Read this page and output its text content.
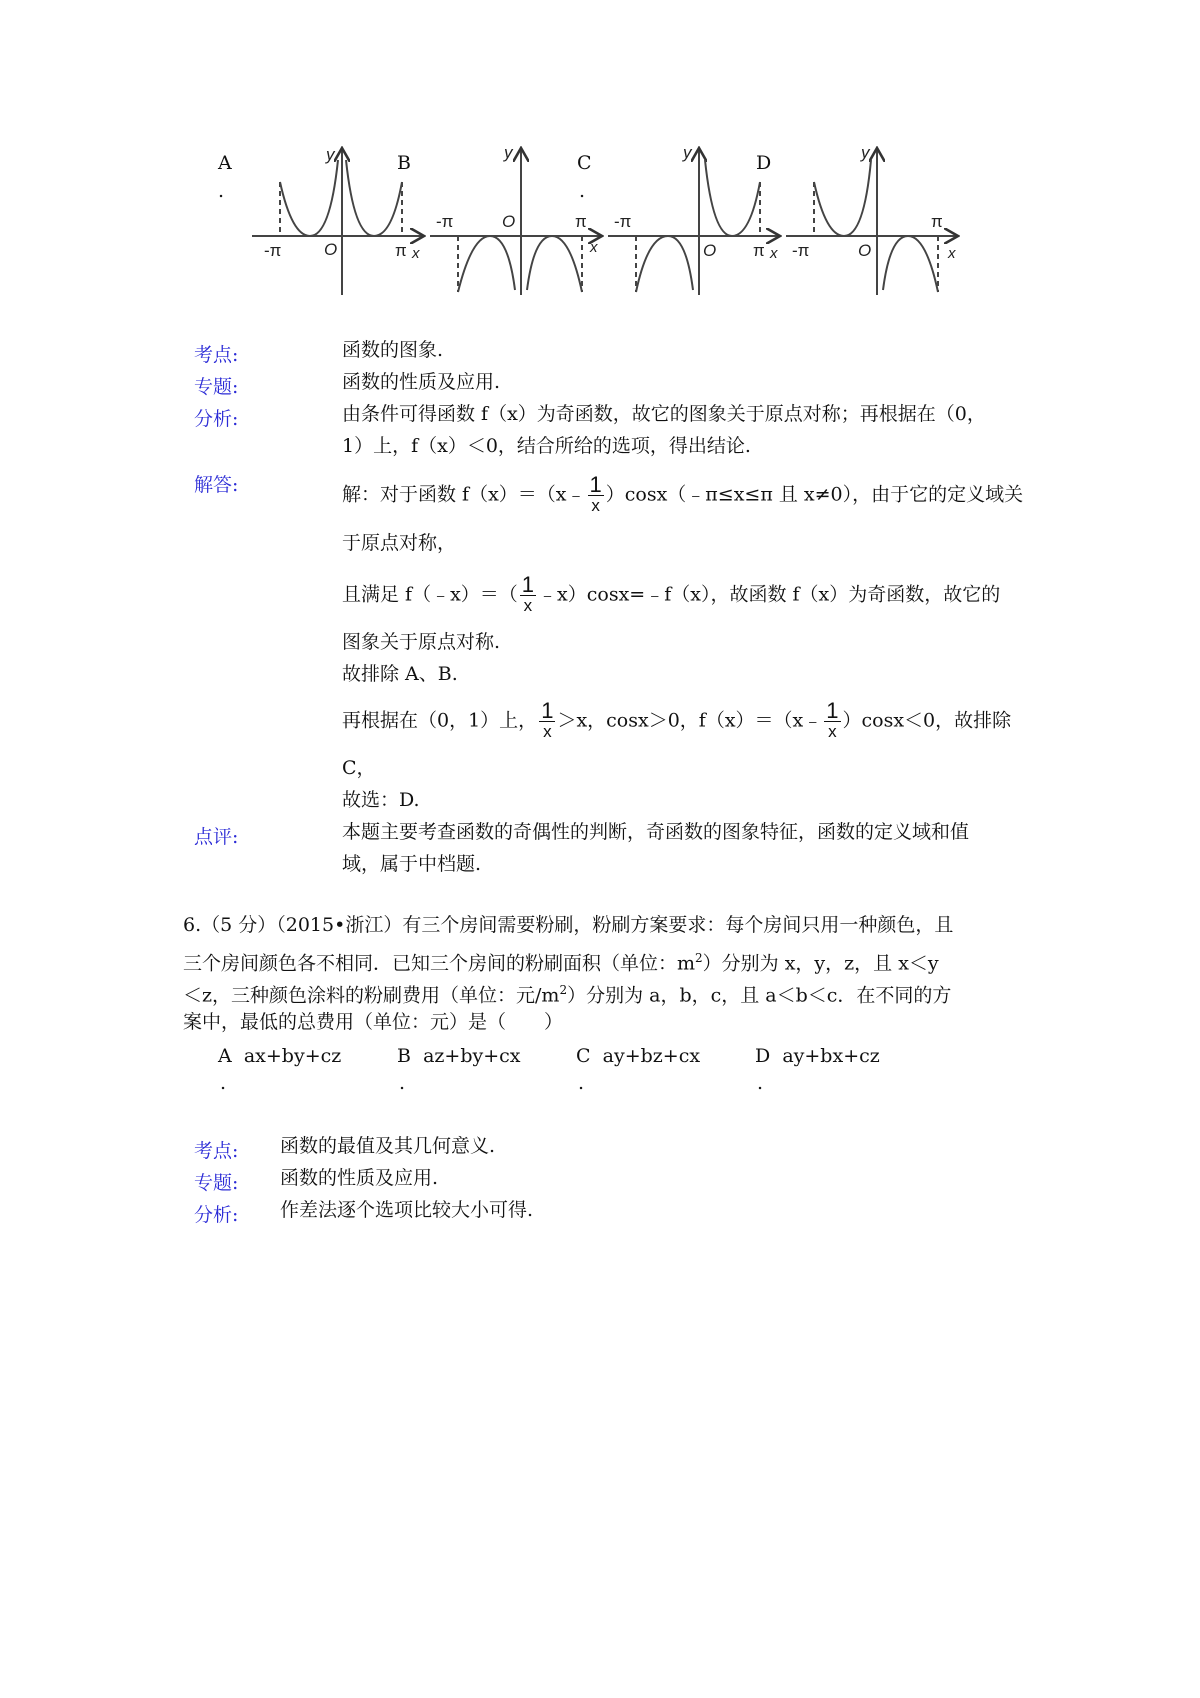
A
.
B	C
.
D
-π	π
O	x
y
-π	π
O
x
y
-π
π
O	x
y
-π
π
O	x
y
考点:	函数的图象.
专题:	函数的性质及应用.
分析:	由条件可得函数 f（x）为奇函数，故它的图象关于原点对称；再根据在（0，
1）上，f（x）＜0，结合所给的选项，得出结论.
解答:	解：对于函数 f（x）＝（x﹣ $\frac{1}{x}$ ）cosx（﹣π≤x≤π 且 x≠0），由于它的定义域关
于原点对称，
且满足 f（﹣x）＝（ $\frac{1}{x}$ ﹣x）cosx=﹣f（x），故函数 f（x）为奇函数，故它的
图象关于原点对称.
故排除 A、B.
再根据在（0，1）上， $\frac{1}{x} >x$，cosx＞0，f（x）＝（x﹣ $\frac{1}{x} )\cos x<0$，故排除
C，
故选：D.
点评:	本题主要考查函数的奇偶性的判断，奇函数的图象特征，函数的定义域和值
域，属于中档题.
6.（5 分）（2015•浙江）有三个房间需要粉刷，粉刷方案要求：每个房间只用一种颜色，且
三个房间颜色各不相同．已知三个房间的粉刷面积（单位：$m^2$）分别为 x，y，z，且 x＜y
＜z，三种颜色涂料的粉刷费用（单位：元$/m^2$）分别为 a，b，c，且 a＜b＜c．在不同的方
案中，最低的总费用（单位：元）是（　　）
A ax+by+cz
.
B az+by+cx
.
C ay+bz+cx
.
D ay+bx+cz
.
考点: 函数的最值及其几何意义.
专题: 函数的性质及应用.
分析: 作差法逐个选项比较大小可得.
